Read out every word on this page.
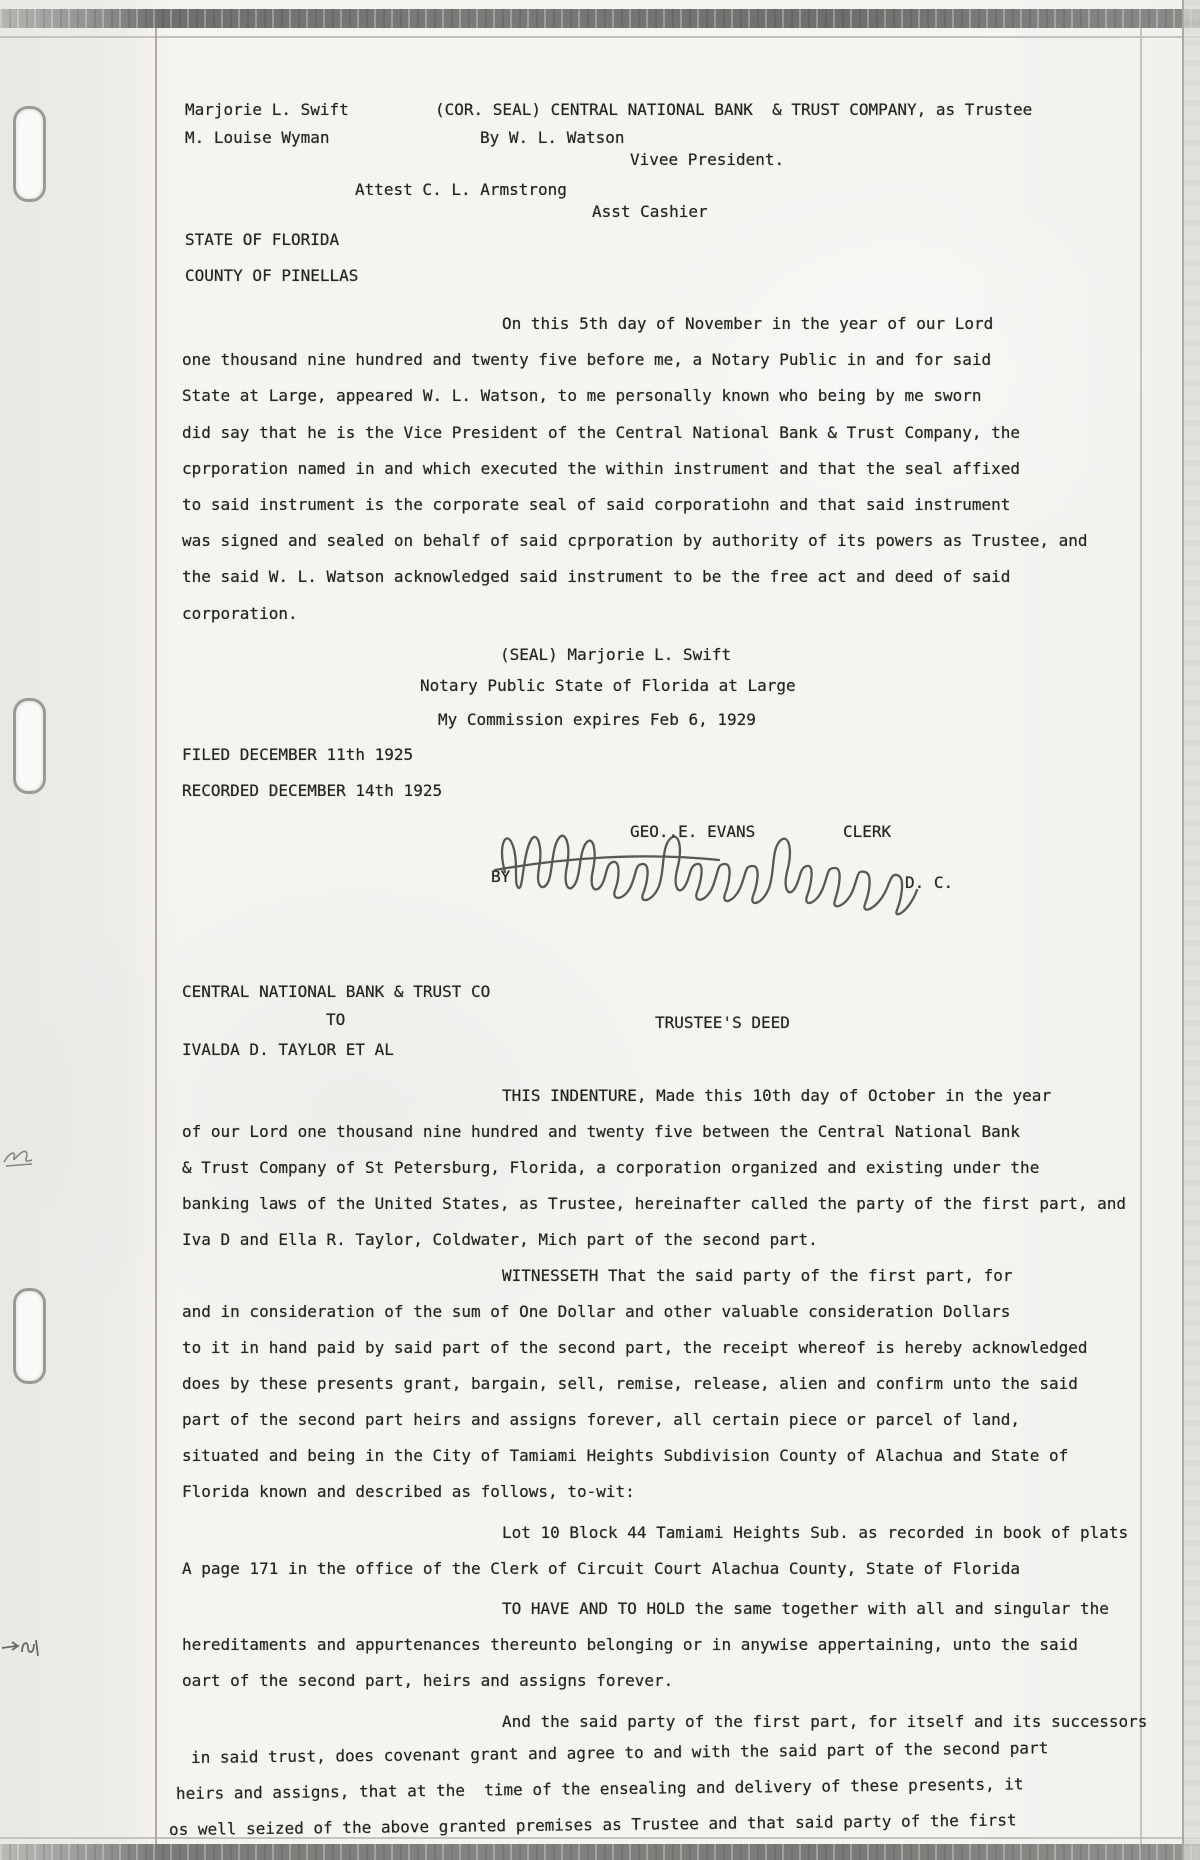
Marjorie L. Swift	(COR. SEAL) CENTRAL NATIONAL BANK  & TRUST COMPANY, as Trustee
M. Louise Wyman	By W. L. Watson
Vivee President.
Attest C. L. Armstrong
Asst Cashier
STATE OF FLORIDA
COUNTY OF PINELLAS
On this 5th day of November in the year of our Lord
one thousand nine hundred and twenty five before me, a Notary Public in and for said
State at Large, appeared W. L. Watson, to me personally known who being by me sworn
did say that he is the Vice President of the Central National Bank & Trust Company, the
cprporation named in and which executed the within instrument and that the seal affixed
to said instrument is the corporate seal of said corporatiohn and that said instrument
was signed and sealed on behalf of said cprporation by authority of its powers as Trustee, and
the said W. L. Watson acknowledged said instrument to be the free act and deed of said
corporation.
(SEAL) Marjorie L. Swift
Notary Public State of Florida at Large
My Commission expires Feb 6, 1929
FILED DECEMBER 11th 1925
RECORDED DECEMBER 14th 1925
GEO..E. EVANS	CLERK
BY	D. C.
CENTRAL NATIONAL BANK & TRUST CO
TO	TRUSTEE'S DEED
IVALDA D. TAYLOR ET AL
THIS INDENTURE, Made this 10th day of October in the year
of our Lord one thousand nine hundred and twenty five between the Central National Bank
& Trust Company of St Petersburg, Florida, a corporation organized and existing under the
banking laws of the United States, as Trustee, hereinafter called the party of the first part, and
Iva D and Ella R. Taylor, Coldwater, Mich part of the second part.
WITNESSETH That the said party of the first part, for
and in consideration of the sum of One Dollar and other valuable consideration Dollars
to it in hand paid by said part of the second part, the receipt whereof is hereby acknowledged
does by these presents grant, bargain, sell, remise, release, alien and confirm unto the said
part of the second part heirs and assigns forever, all certain piece or parcel of land,
situated and being in the City of Tamiami Heights Subdivision County of Alachua and State of
Florida known and described as follows, to-wit:
Lot 10 Block 44 Tamiami Heights Sub. as recorded in book of plats
A page 171 in the office of the Clerk of Circuit Court Alachua County, State of Florida
TO HAVE AND TO HOLD the same together with all and singular the
hereditaments and appurtenances thereunto belonging or in anywise appertaining, unto the said
oart of the second part, heirs and assigns forever.
And the said party of the first part, for itself and its successors
in said trust, does covenant grant and agree to and with the said part of the second part
heirs and assigns, that at the  time of the ensealing and delivery of these presents, it
os well seized of the above granted premises as Trustee and that said party of the first
